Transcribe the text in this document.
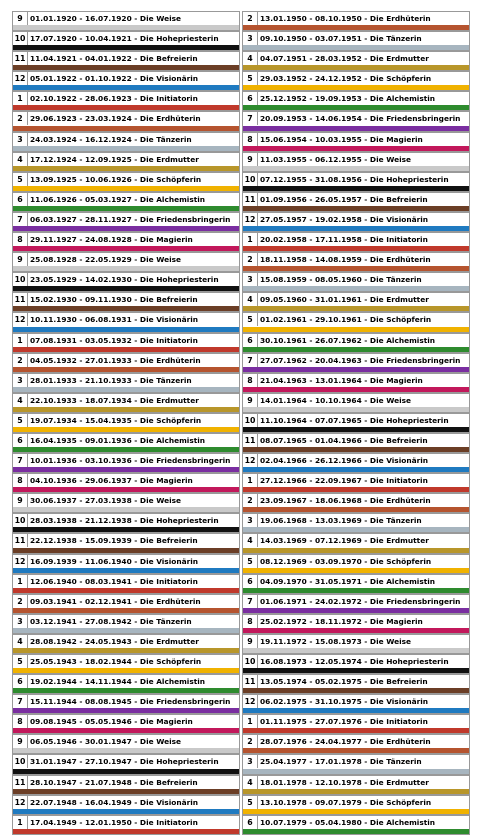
9 01.01.1920 - 16.07.1920 - Die Weise
10 17.07.1920 - 10.04.1921 - Die Hohepriesterin
11 11.04.1921 - 04.01.1922 - Die Befreierin
12 05.01.1922 - 01.10.1922 - Die Visionärin
1 02.10.1922 - 28.06.1923 - Die Initiatorin
2 29.06.1923 - 23.03.1924 - Die Erdhüterin
3 24.03.1924 - 16.12.1924 - Die Tänzerin
4 17.12.1924 - 12.09.1925 - Die Erdmutter
5 13.09.1925 - 10.06.1926 - Die Schöpferin
6 11.06.1926 - 05.03.1927 - Die Alchemistin
7 06.03.1927 - 28.11.1927 - Die Friedensbringerin
8 29.11.1927 - 24.08.1928 - Die Magierin
9 25.08.1928 - 22.05.1929 - Die Weise
10 23.05.1929 - 14.02.1930 - Die Hohepriesterin
11 15.02.1930 - 09.11.1930 - Die Befreierin
12 10.11.1930 - 06.08.1931 - Die Visionärin
1 07.08.1931 - 03.05.1932 - Die Initiatorin
2 04.05.1932 - 27.01.1933 - Die Erdhüterin
3 28.01.1933 - 21.10.1933 - Die Tänzerin
4 22.10.1933 - 18.07.1934 - Die Erdmutter
5 19.07.1934 - 15.04.1935 - Die Schöpferin
6 16.04.1935 - 09.01.1936 - Die Alchemistin
7 10.01.1936 - 03.10.1936 - Die Friedensbringerin
8 04.10.1936 - 29.06.1937 - Die Magierin
9 30.06.1937 - 27.03.1938 - Die Weise
10 28.03.1938 - 21.12.1938 - Die Hohepriesterin
11 22.12.1938 - 15.09.1939 - Die Befreierin
12 16.09.1939 - 11.06.1940 - Die Visionärin
1 12.06.1940 - 08.03.1941 - Die Initiatorin
2 09.03.1941 - 02.12.1941 - Die Erdhüterin
3 03.12.1941 - 27.08.1942 - Die Tänzerin
4 28.08.1942 - 24.05.1943 - Die Erdmutter
5 25.05.1943 - 18.02.1944 - Die Schöpferin
6 19.02.1944 - 14.11.1944 - Die Alchemistin
7 15.11.1944 - 08.08.1945 - Die Friedensbringerin
8 09.08.1945 - 05.05.1946 - Die Magierin
9 06.05.1946 - 30.01.1947 - Die Weise
10 31.01.1947 - 27.10.1947 - Die Hohepriesterin
11 28.10.1947 - 21.07.1948 - Die Befreierin
12 22.07.1948 - 16.04.1949 - Die Visionärin
1 17.04.1949 - 12.01.1950 - Die Initiatorin
2 13.01.1950 - 08.10.1950 - Die Erdhüterin
3 09.10.1950 - 03.07.1951 - Die Tänzerin
4 04.07.1951 - 28.03.1952 - Die Erdmutter
5 29.03.1952 - 24.12.1952 - Die Schöpferin
6 25.12.1952 - 19.09.1953 - Die Alchemistin
7 20.09.1953 - 14.06.1954 - Die Friedensbringerin
8 15.06.1954 - 10.03.1955 - Die Magierin
9 11.03.1955 - 06.12.1955 - Die Weise
10 07.12.1955 - 31.08.1956 - Die Hohepriesterin
11 01.09.1956 - 26.05.1957 - Die Befreierin
12 27.05.1957 - 19.02.1958 - Die Visionärin
1 20.02.1958 - 17.11.1958 - Die Initiatorin
2 18.11.1958 - 14.08.1959 - Die Erdhüterin
3 15.08.1959 - 08.05.1960 - Die Tänzerin
4 09.05.1960 - 31.01.1961 - Die Erdmutter
5 01.02.1961 - 29.10.1961 - Die Schöpferin
6 30.10.1961 - 26.07.1962 - Die Alchemistin
7 27.07.1962 - 20.04.1963 - Die Friedensbringerin
8 21.04.1963 - 13.01.1964 - Die Magierin
9 14.01.1964 - 10.10.1964 - Die Weise
10 11.10.1964 - 07.07.1965 - Die Hohepriesterin
11 08.07.1965 - 01.04.1966 - Die Befreierin
12 02.04.1966 - 26.12.1966 - Die Visionärin
1 27.12.1966 - 22.09.1967 - Die Initiatorin
2 23.09.1967 - 18.06.1968 - Die Erdhüterin
3 19.06.1968 - 13.03.1969 - Die Tänzerin
4 14.03.1969 - 07.12.1969 - Die Erdmutter
5 08.12.1969 - 03.09.1970 - Die Schöpferin
6 04.09.1970 - 31.05.1971 - Die Alchemistin
7 01.06.1971 - 24.02.1972 - Die Friedensbringerin
8 25.02.1972 - 18.11.1972 - Die Magierin
9 19.11.1972 - 15.08.1973 - Die Weise
10 16.08.1973 - 12.05.1974 - Die Hohepriesterin
11 13.05.1974 - 05.02.1975 - Die Befreierin
12 06.02.1975 - 31.10.1975 - Die Visionärin
1 01.11.1975 - 27.07.1976 - Die Initiatorin
2 28.07.1976 - 24.04.1977 - Die Erdhüterin
3 25.04.1977 - 17.01.1978 - Die Tänzerin
4 18.01.1978 - 12.10.1978 - Die Erdmutter
5 13.10.1978 - 09.07.1979 - Die Schöpferin
6 10.07.1979 - 05.04.1980 - Die Alchemistin
